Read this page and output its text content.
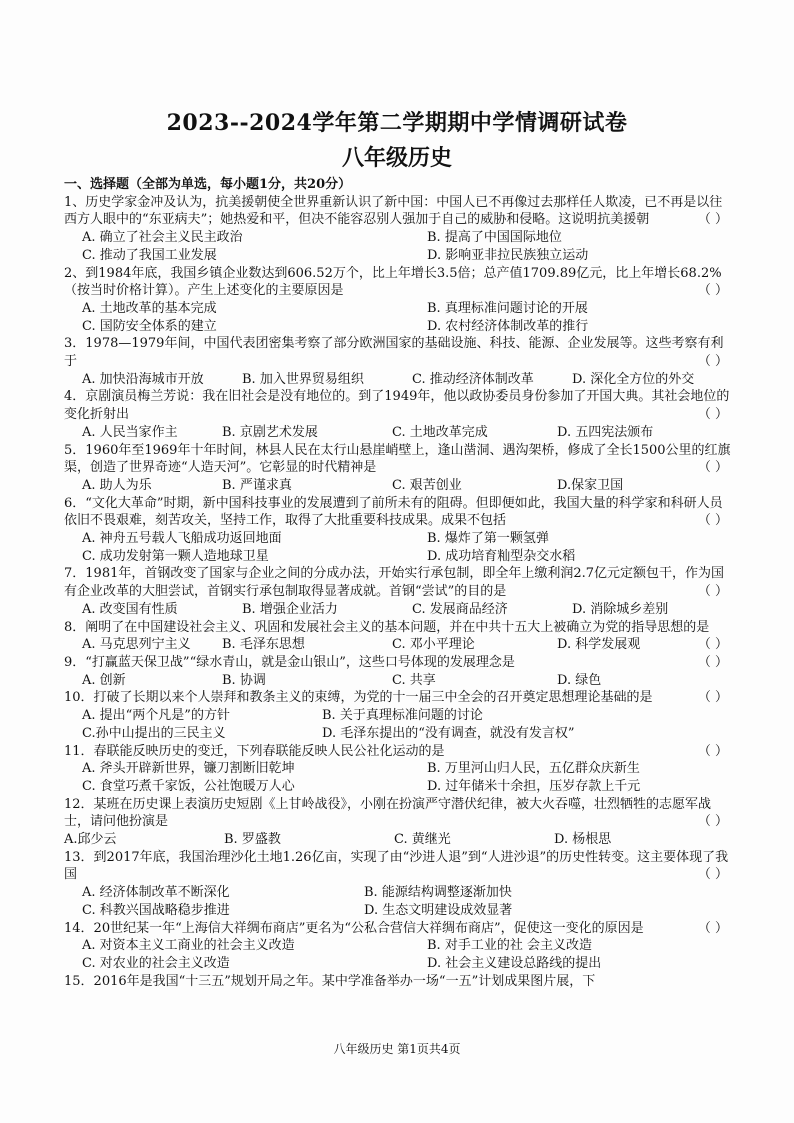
2023--2024学年第二学期期中学情调研试卷
八年级历史
一、选择题（全部为单选，每小题1分，共20分）
1、历史学家金冲及认为，抗美援朝使全世界重新认识了新中国：中国人已不再像过去那样任人欺凌，已不再是以往西方人眼中的“东亚病夫”；她热爱和平，但决不能容忍别人强加于自己的威胁和侵略。这说明抗美援朝	（ ）
A. 确立了社会主义民主政治	B. 提高了中国国际地位
C. 推动了我国工业发展	D. 影响亚非拉民族独立运动
2、到1984年底，我国乡镇企业数达到606.52万个，比上年增长3.5倍；总产值1709.89亿元，比上年增长68.2%（按当时价格计算）。产生上述变化的主要原因是	（ ）
A. 土地改革的基本完成	B. 真理标准问题讨论的开展
C. 国防安全体系的建立	D. 农村经济体制改革的推行
3．1978—1979年间，中国代表团密集考察了部分欧洲国家的基础设施、科技、能源、企业发展等。这些考察有利于	（ ）
A. 加快沿海城市开放	B. 加入世界贸易组织	C. 推动经济体制改革	D. 深化全方位的外交
4．京剧演员梅兰芳说：我在旧社会是没有地位的。到了1949年，他以政协委员身份参加了开国大典。其社会地位的变化折射出	（ ）
A. 人民当家作主	B. 京剧艺术发展	C. 土地改革完成	D. 五四宪法颁布
5．1960年至1969年十年时间，林县人民在太行山悬崖峭壁上，逢山凿洞、遇沟架桥，修成了全长1500公里的红旗渠，创造了世界奇迹“人造天河”。它彰显的时代精神是	（ ）
A. 助人为乐	B. 严谨求真	C. 艰苦创业	D.保家卫国
6．“文化大革命”时期，新中国科技事业的发展遭到了前所未有的阻碍。但即便如此，我国大量的科学家和科研人员依旧不畏艰难，刻苦攻关，坚持工作，取得了大批重要科技成果。成果不包括	（ ）
A. 神舟五号载人飞船成功返回地面	B. 爆炸了第一颗氢弹
C. 成功发射第一颗人造地球卫星	D. 成功培育籼型杂交水稻
7．1981年，首钢改变了国家与企业之间的分成办法，开始实行承包制，即全年上缴利润2.7亿元定额包干，作为国有企业改革的大胆尝试，首钢实行承包制取得显著成就。首钢“尝试”的目的是	（ ）
A. 改变国有性质	B. 增强企业活力	C. 发展商品经济	D. 消除城乡差别
8．阐明了在中国建设社会主义、巩固和发展社会主义的基本问题，并在中共十五大上被确立为党的指导思想的是
（ ）
A. 马克思列宁主义	B. 毛泽东思想	C. 邓小平理论	D. 科学发展观
9．“打赢蓝天保卫战”“绿水青山，就是金山银山”，这些口号体现的发展理念是	（ ）
A. 创新	B. 协调	C. 共享	D. 绿色
10．打破了长期以来个人崇拜和教条主义的束缚，为党的十一届三中全会的召开奠定思想理论基础的是	（ ）
A. 提出“两个凡是”的方针	B. 关于真理标准问题的讨论
C.孙中山提出的三民主义	D. 毛泽东提出的“没有调查，就没有发言权”
11．春联能反映历史的变迁，下列春联能反映人民公社化运动的是	（ ）
A. 斧头开辟新世界，镰刀割断旧乾坤	B. 万里河山归人民，五亿群众庆新生
C. 食堂巧煮千家饭，公社饱暖万人心	D. 过年储米十余担，压岁存款上千元
12．某班在历史课上表演历史短剧《上甘岭战役》，小刚在扮演严守潜伏纪律，被大火吞噬，壮烈牺牲的志愿军战士，请问他扮演是	（ ）
A.邱少云	B. 罗盛教	C. 黄继光	D. 杨根思
13．到2017年底，我国治理沙化土地1.26亿亩，实现了由“沙进人退”到“人进沙退”的历史性转变。这主要体现了我国	（ ）
A. 经济体制改革不断深化	B. 能源结构调整逐渐加快
C. 科教兴国战略稳步推进	D. 生态文明建设成效显著
14．20世纪某一年“上海信大祥绸布商店”更名为“公私合营信大祥绸布商店”，促使这一变化的原因是	（ ）
A. 对资本主义工商业的社会主义改造	B. 对手工业的社 会主义改造
C. 对农业的社会主义改造	D. 社会主义建设总路线的提出
15．2016年是我国“十三五”规划开局之年。某中学准备举办一场“一五”计划成果图片展，下
八年级历史 第1页共4页
